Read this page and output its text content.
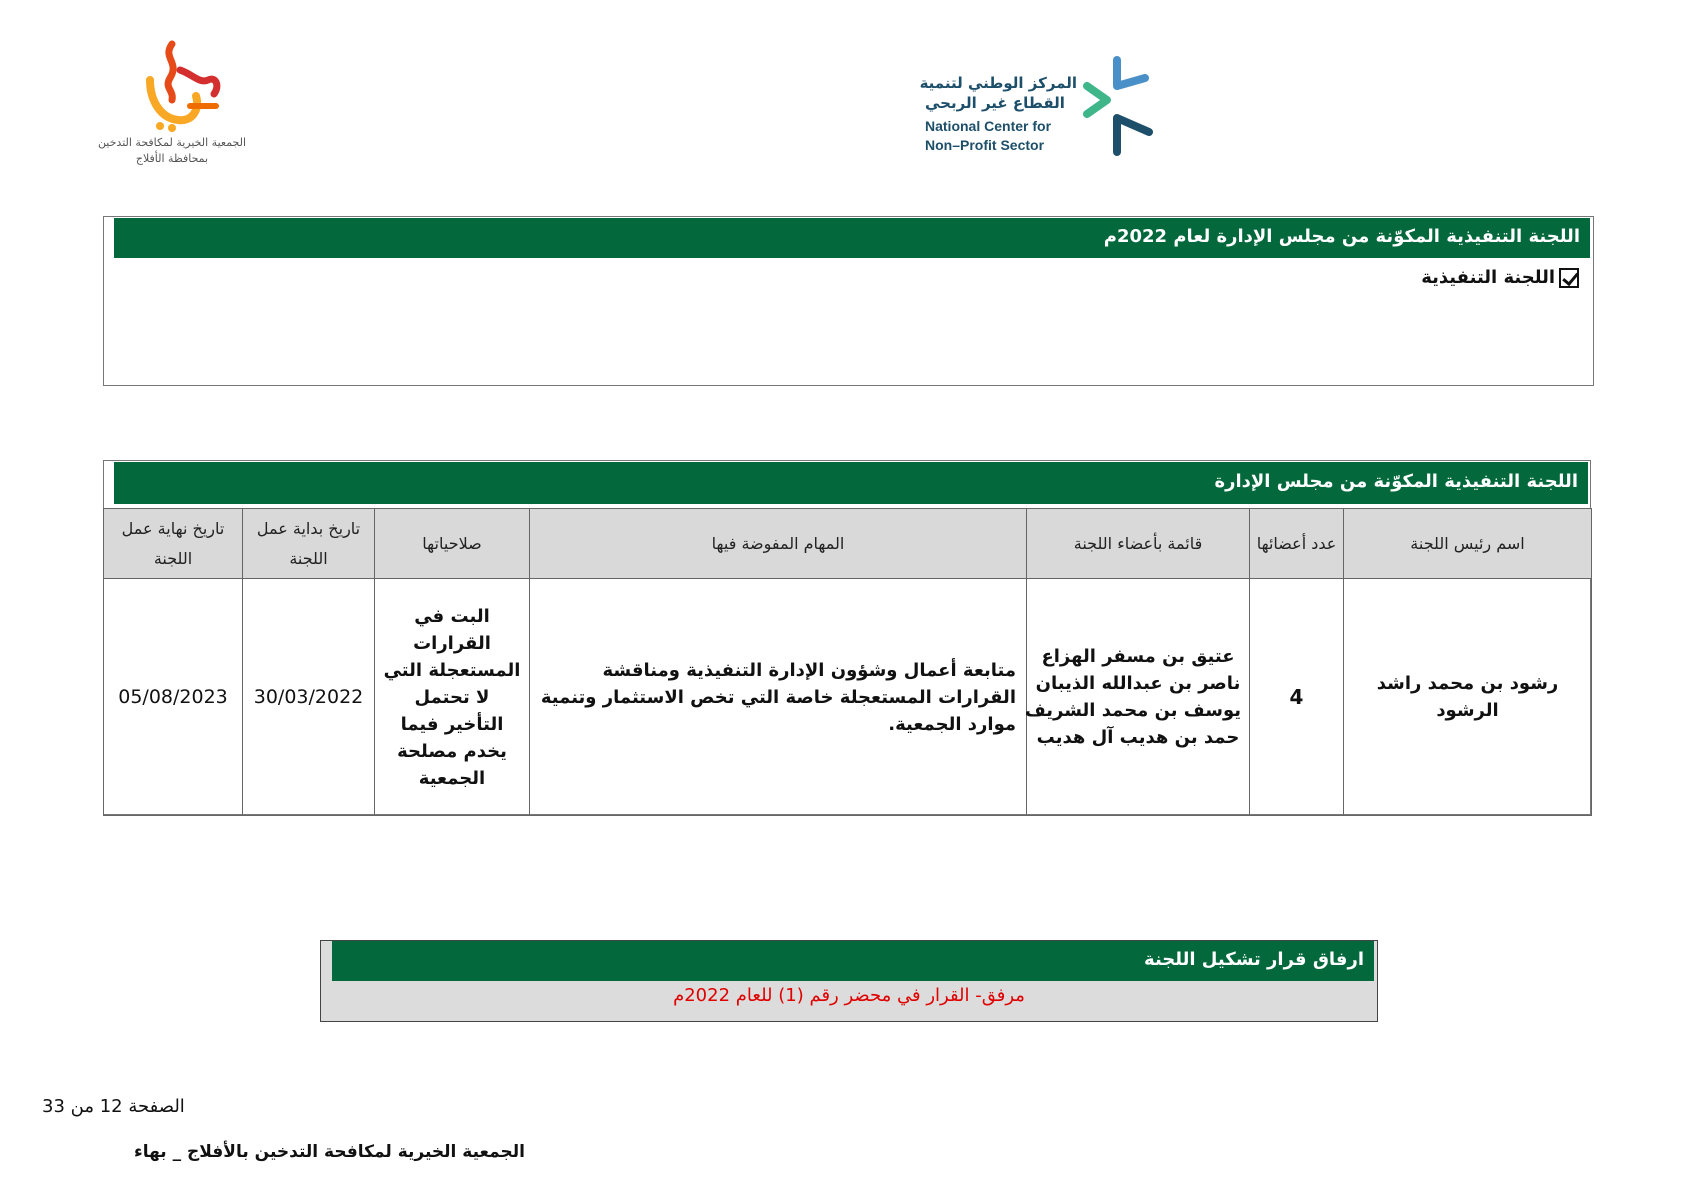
الجمعية الخيرية لمكافحة التدخين
بمحافظة الأفلاج
المركز الوطني لتنمية
القطاع غير الربحي
National Center for
Non–Profit Sector
اللجنة التنفيذية المكوّنة من مجلس الإدارة لعام 2022م
اللجنة التنفيذية
اللجنة التنفيذية المكوّنة من مجلس الإدارة
اسم رئيس اللجنة	عدد أعضائها	قائمة بأعضاء اللجنة	المهام المفوضة فيها	صلاحياتها	تاريخ بداية عمل اللجنة	تاريخ نهاية عمل اللجنة
رشود بن محمد راشد الرشود	4	عتيق بن مسفر الهزاع
ناصر بن عبدالله الذيبان
يوسف بن محمد الشريف
حمد بن هديب آل هديب	متابعة أعمال وشؤون الإدارة التنفيذية ومناقشة القرارات المستعجلة خاصة التي تخص الاستثمار وتنمية موارد الجمعية.	البت في القرارات المستعجلة التي لا تحتمل التأخير فيما يخدم مصلحة الجمعية	30/03/2022	05/08/2023
ارفاق قرار تشكيل اللجنة
مرفق- القرار في محضر رقم (1) للعام 2022م
الصفحة 12 من 33
الجمعية الخيرية لمكافحة التدخين بالأفلاج _ بهاء
